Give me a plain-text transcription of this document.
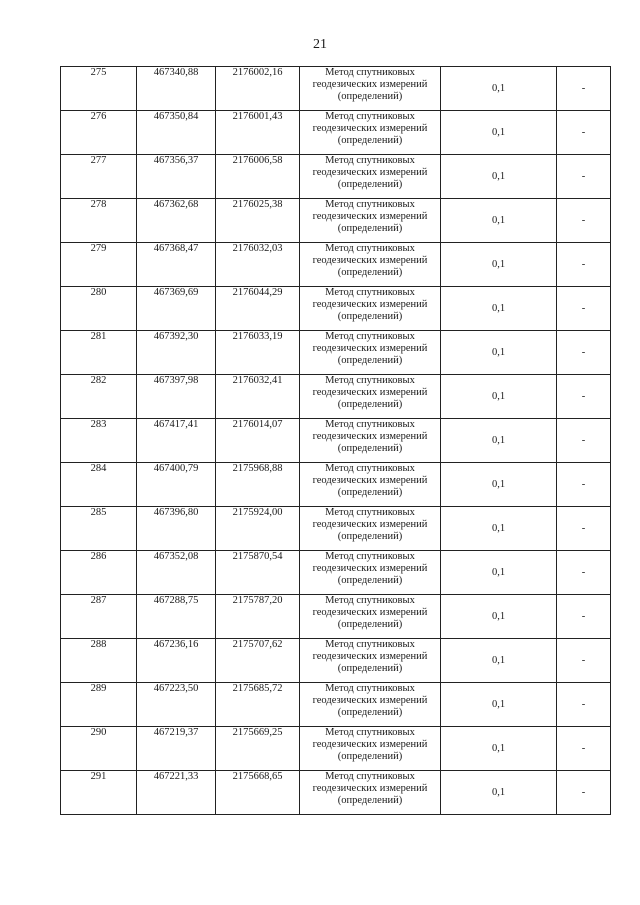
21
275	467340,88	2176002,16	Метод спутниковых
геодезических измерений
(определений)	0,1	-
276	467350,84	2176001,43	Метод спутниковых
геодезических измерений
(определений)	0,1	-
277	467356,37	2176006,58	Метод спутниковых
геодезических измерений
(определений)	0,1	-
278	467362,68	2176025,38	Метод спутниковых
геодезических измерений
(определений)	0,1	-
279	467368,47	2176032,03	Метод спутниковых
геодезических измерений
(определений)	0,1	-
280	467369,69	2176044,29	Метод спутниковых
геодезических измерений
(определений)	0,1	-
281	467392,30	2176033,19	Метод спутниковых
геодезических измерений
(определений)	0,1	-
282	467397,98	2176032,41	Метод спутниковых
геодезических измерений
(определений)	0,1	-
283	467417,41	2176014,07	Метод спутниковых
геодезических измерений
(определений)	0,1	-
284	467400,79	2175968,88	Метод спутниковых
геодезических измерений
(определений)	0,1	-
285	467396,80	2175924,00	Метод спутниковых
геодезических измерений
(определений)	0,1	-
286	467352,08	2175870,54	Метод спутниковых
геодезических измерений
(определений)	0,1	-
287	467288,75	2175787,20	Метод спутниковых
геодезических измерений
(определений)	0,1	-
288	467236,16	2175707,62	Метод спутниковых
геодезических измерений
(определений)	0,1	-
289	467223,50	2175685,72	Метод спутниковых
геодезических измерений
(определений)	0,1	-
290	467219,37	2175669,25	Метод спутниковых
геодезических измерений
(определений)	0,1	-
291	467221,33	2175668,65	Метод спутниковых
геодезических измерений
(определений)	0,1	-
